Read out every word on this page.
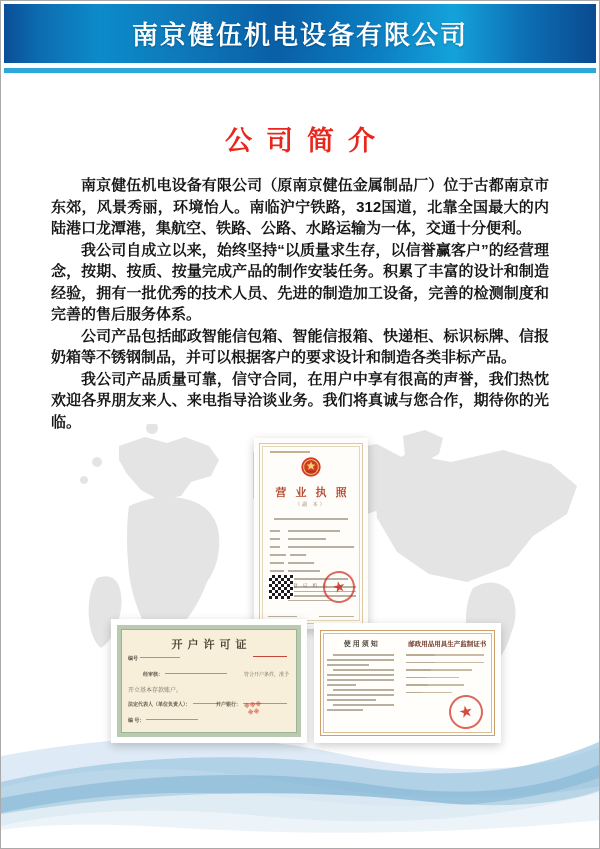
南京健伍机电设备有限公司
公司简介

南京健伍机电设备有限公司（原南京健伍金属制品厂）位于古都南京市东郊，风景秀丽，环境怡人。南临沪宁铁路，312国道，北靠全国最大的内陆港口龙潭港，集航空、铁路、公路、水路运输为一体，交通十分便利。

我公司自成立以来，始终坚持“以质量求生存，以信誉赢客户”的经营理念，按期、按质、按量完成产品的制作安装任务。积累了丰富的设计和制造经验，拥有一批优秀的技术人员、先进的制造加工设备，完善的检测制度和完善的售后服务体系。

公司产品包括邮政智能信包箱、智能信报箱、快递柜、标识标牌、信报奶箱等不锈钢制品，并可以根据客户的要求设计和制造各类非标产品。

我公司产品质量可靠，信守合同，在用户中享有很高的声誉，我们热忱欢迎各界朋友来人、来电指导洽谈业务。我们将真诚与您合作，期待你的光临。

营 业 执 照
（副 本）
登 记 机 关 ★
开户许可证
编号
经审核：	符合开户条件，准予
开立基本存款账户。
法定代表人（单位负责人）：	开户银行：
编 号：
※※※
※※
使用须知	邮政用品用具生产监制证书
★
